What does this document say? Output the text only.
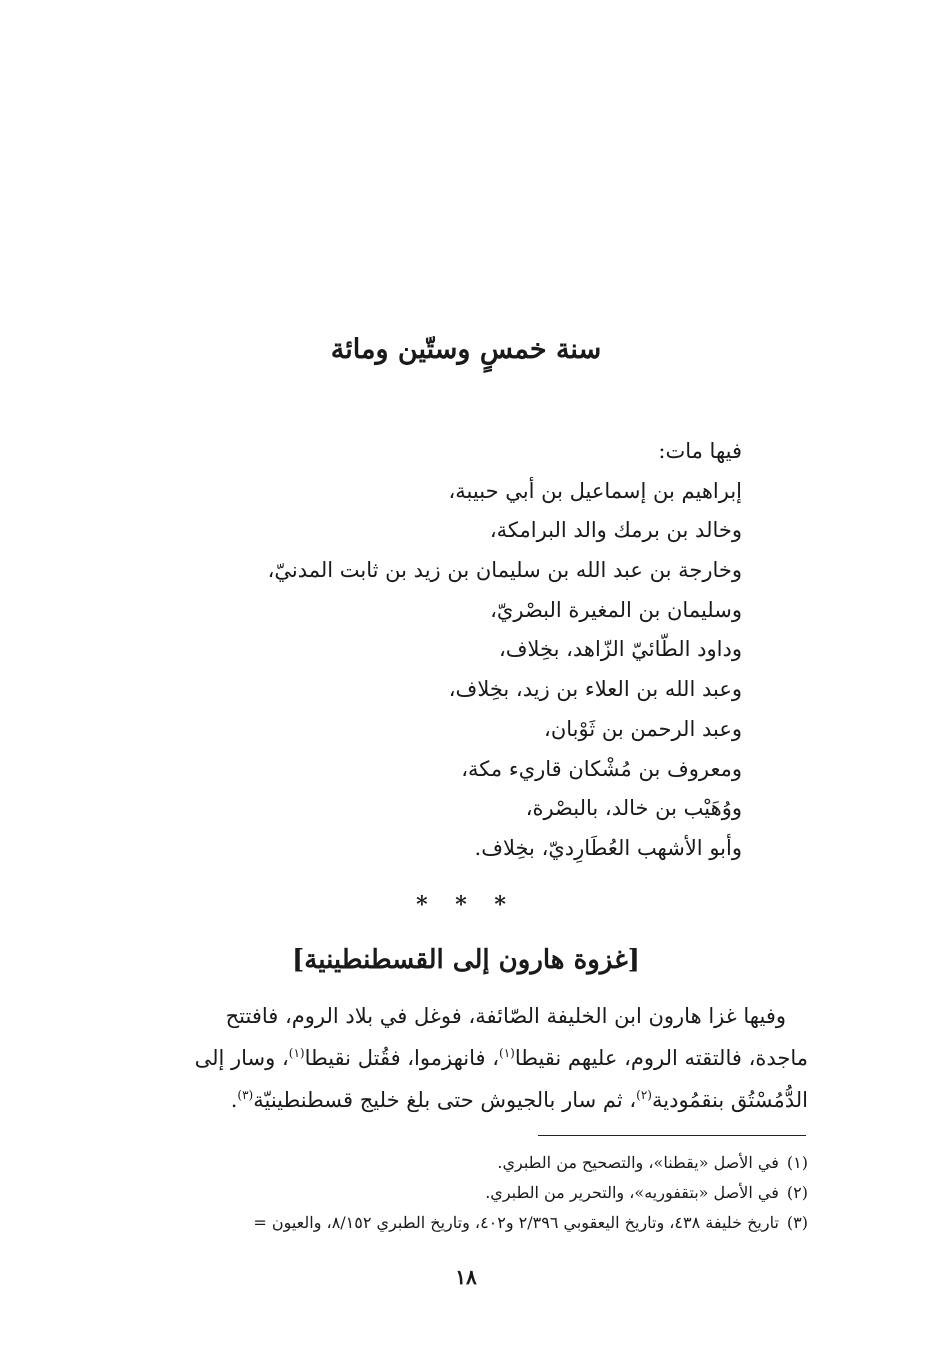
سنة خمسٍ وستّين ومائة
فيها مات:
إبراهيم بن إسماعيل بن أبي حبيبة،
وخالد بن برمك والد البرامكة،
وخارجة بن عبد الله بن سليمان بن زيد بن ثابت المدنيّ،
وسليمان بن المغيرة البصْريّ،
وداود الطّائيّ الزّاهد، بخِلاف،
وعبد الله بن العلاء بن زيد، بخِلاف،
وعبد الرحمن بن ثَوْبان،
ومعروف بن مُشْكان قاريء مكة،
ووُهَيْب بن خالد، بالبصْرة،
وأبو الأشهب العُطَارِديّ، بخِلاف.
* * *
[غزوة هارون إلى القسطنطينية]
وفيها غزا هارون ابن الخليفة الصّائفة، فوغل في بلاد الروم، فافتتح
ماجدة، فالتقته الروم، عليهم نقيطا$^{(١)}$، فانهزموا، فقُتل نقيطا$^{(١)}$، وسار إلى
الدُّمُسْتُق بنقمُودية$^{(٢)}$، ثم سار بالجيوش حتى بلغ خليج قسطنطينيّة$^{(٣)}$.
(١)في الأصل «يقطنا»، والتصحيح من الطبري.
(٢)في الأصل «بتقفوريه»، والتحرير من الطبري.
(٣)تاريخ خليفة ٤٣٨، وتاريخ اليعقوبي ٢/٣٩٦ و٤٠٢، وتاريخ الطبري ٨/١٥٢، والعيون =
١٨
